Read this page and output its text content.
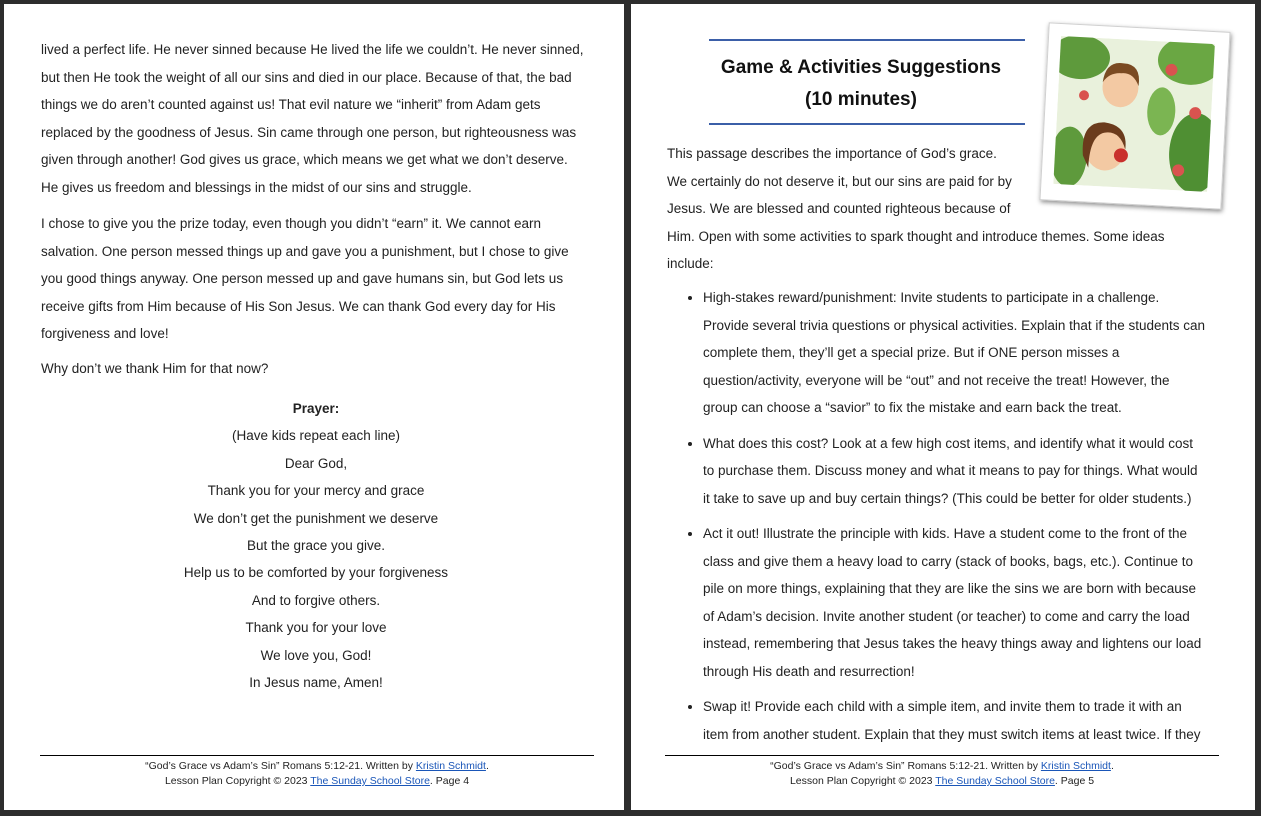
lived a perfect life. He never sinned because He lived the life we couldn’t. He never sinned,
but then He took the weight of all our sins and died in our place. Because of that, the bad
things we do aren’t counted against us! That evil nature we “inherit” from Adam gets
replaced by the goodness of Jesus. Sin came through one person, but righteousness was
given through another! God gives us grace, which means we get what we don’t deserve.
He gives us freedom and blessings in the midst of our sins and struggle.
I chose to give you the prize today, even though you didn’t “earn” it. We cannot earn
salvation. One person messed things up and gave you a punishment, but I chose to give
you good things anyway. One person messed up and gave humans sin, but God lets us
receive gifts from Him because of His Son Jesus. We can thank God every day for His
forgiveness and love!
Why don’t we thank Him for that now?
Prayer:
(Have kids repeat each line)
Dear God,
Thank you for your mercy and grace
We don’t get the punishment we deserve
But the grace you give.
Help us to be comforted by your forgiveness
And to forgive others.
Thank you for your love
We love you, God!
In Jesus name, Amen!
“God’s Grace vs Adam’s Sin” Romans 5:12-21. Written by Kristin Schmidt.
Lesson Plan Copyright © 2023 The Sunday School Store. Page 4
Game & Activities Suggestions
(10 minutes)
This passage describes the importance of God’s grace.
We certainly do not deserve it, but our sins are paid for by
Jesus. We are blessed and counted righteous because of
Him. Open with some activities to spark thought and introduce themes. Some ideas
include:
• High-stakes reward/punishment: Invite students to participate in a challenge.
Provide several trivia questions or physical activities. Explain that if the students can
complete them, they’ll get a special prize. But if ONE person misses a
question/activity, everyone will be “out” and not receive the treat! However, the
group can choose a “savior” to fix the mistake and earn back the treat.
• What does this cost? Look at a few high cost items, and identify what it would cost
to purchase them. Discuss money and what it means to pay for things. What would
it take to save up and buy certain things? (This could be better for older students.)
• Act it out! Illustrate the principle with kids. Have a student come to the front of the
class and give them a heavy load to carry (stack of books, bags, etc.). Continue to
pile on more things, explaining that they are like the sins we are born with because
of Adam’s decision. Invite another student (or teacher) to come and carry the load
instead, remembering that Jesus takes the heavy things away and lightens our load
through His death and resurrection!
• Swap it! Provide each child with a simple item, and invite them to trade it with an
item from another student. Explain that they must switch items at least twice. If they
“God’s Grace vs Adam’s Sin” Romans 5:12-21. Written by Kristin Schmidt.
Lesson Plan Copyright © 2023 The Sunday School Store. Page 5
